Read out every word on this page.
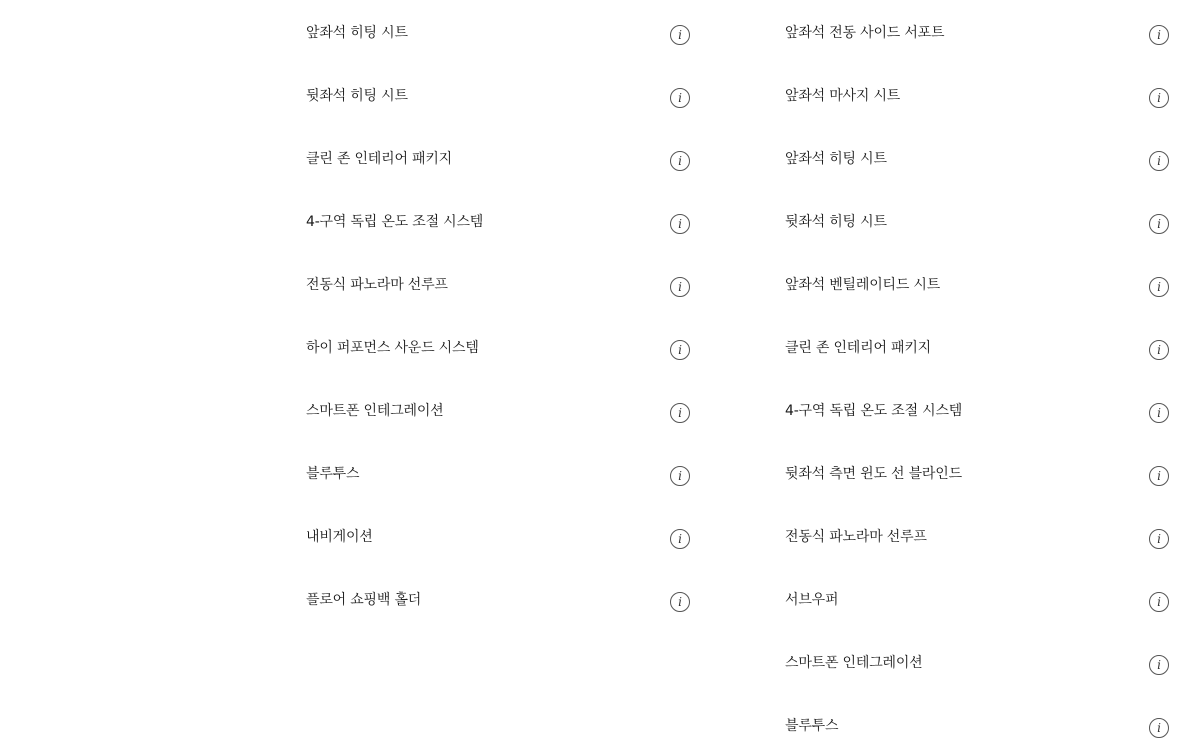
앞좌석 히팅 시트	i
뒷좌석 히팅 시트	i
클린 존 인테리어 패키지	i
4-구역 독립 온도 조절 시스템	i
전동식 파노라마 선루프	i
하이 퍼포먼스 사운드 시스템	i
스마트폰 인테그레이션	i
블루투스	i
내비게이션	i
플로어 쇼핑백 홀더	i
앞좌석 전동 사이드 서포트	i
앞좌석 마사지 시트	i
앞좌석 히팅 시트	i
뒷좌석 히팅 시트	i
앞좌석 벤틸레이티드 시트	i
클린 존 인테리어 패키지	i
4-구역 독립 온도 조절 시스템	i
뒷좌석 측면 윈도 선 블라인드	i
전동식 파노라마 선루프	i
서브우퍼	i
스마트폰 인테그레이션	i
블루투스	i
